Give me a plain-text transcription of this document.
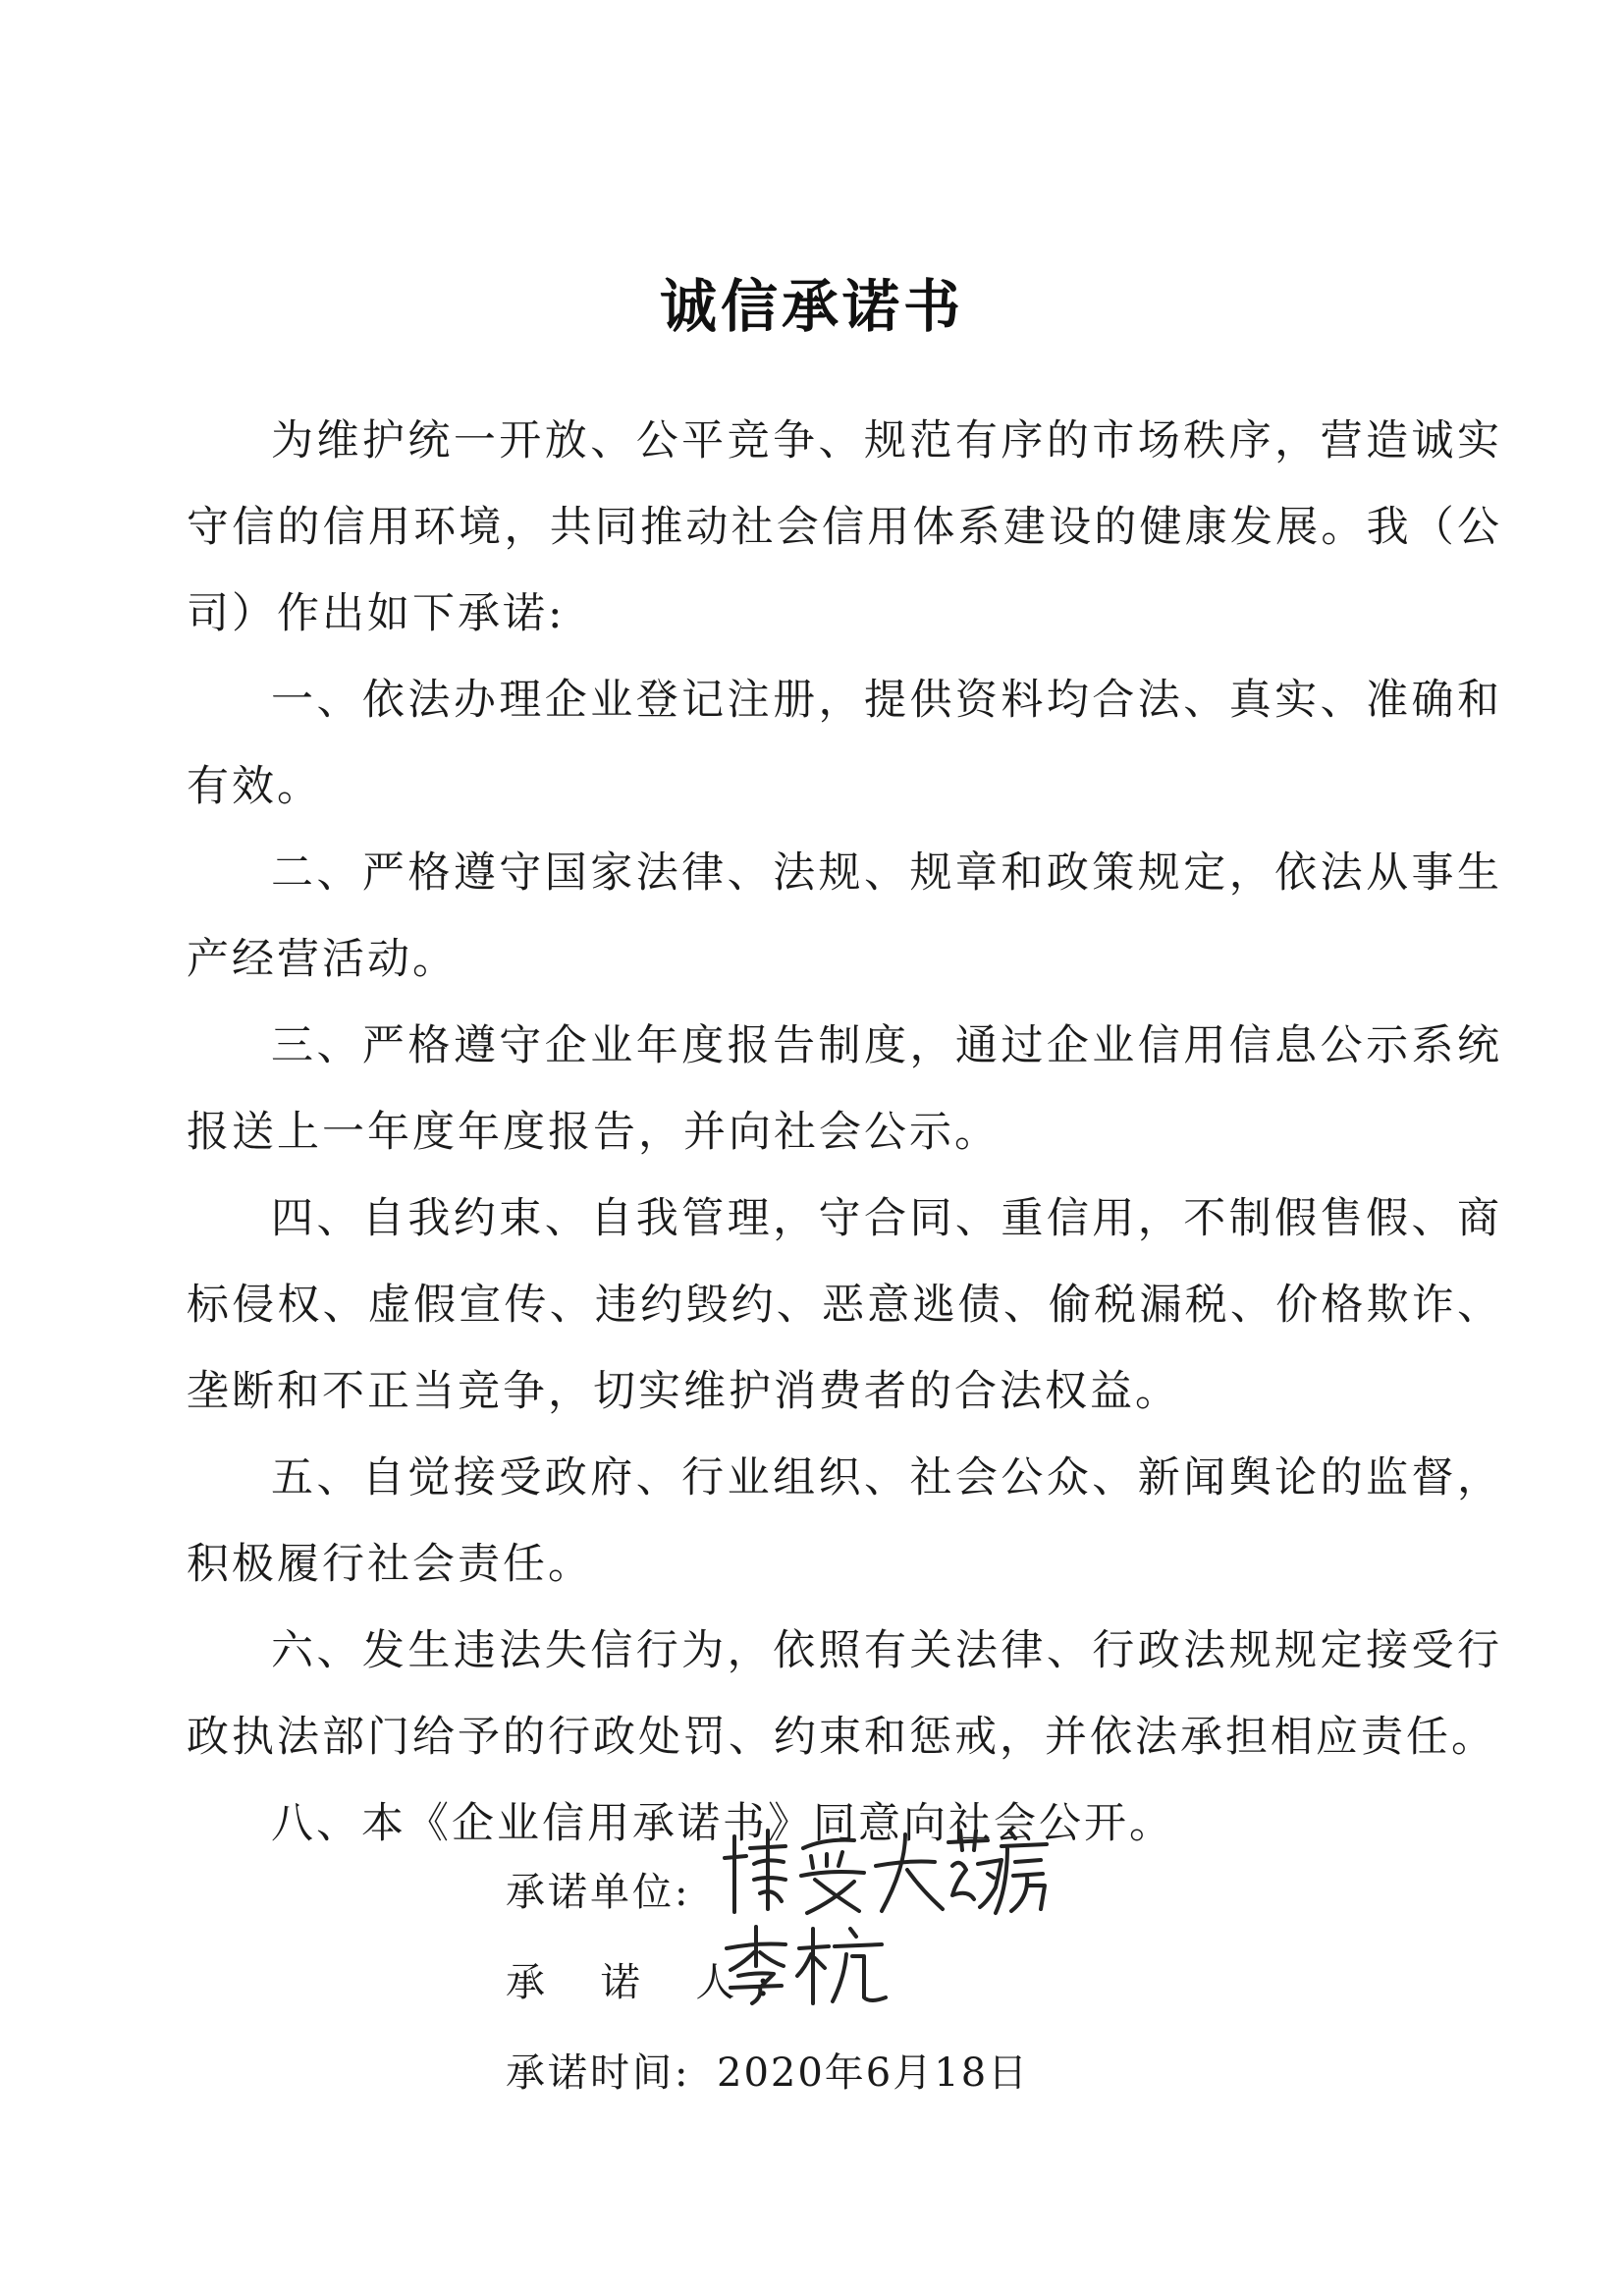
诚信承诺书

为维护统一开放、公平竞争、规范有序的市场秩序，营造诚实守信的信用环境，共同推动社会信用体系建设的健康发展。我（公司）作出如下承诺:

一、依法办理企业登记注册，提供资料均合法、真实、准确和有效。

二、严格遵守国家法律、法规、规章和政策规定，依法从事生产经营活动。

三、严格遵守企业年度报告制度，通过企业信用信息公示系统报送上一年度年度报告，并向社会公示。

四、自我约束、自我管理，守合同、重信用，不制假售假、商标侵权、虚假宣传、违约毁约、恶意逃债、偷税漏税、价格欺诈、垄断和不正当竞争，切实维护消费者的合法权益。

五、自觉接受政府、行业组织、社会公众、新闻舆论的监督，积极履行社会责任。

六、发生违法失信行为，依照有关法律、行政法规规定接受行政执法部门给予的行政处罚、约束和惩戒，并依法承担相应责任。

八、本《企业信用承诺书》同意向社会公开。

承诺单位:
承 诺 人:
承诺时间: 2020年6月18日
